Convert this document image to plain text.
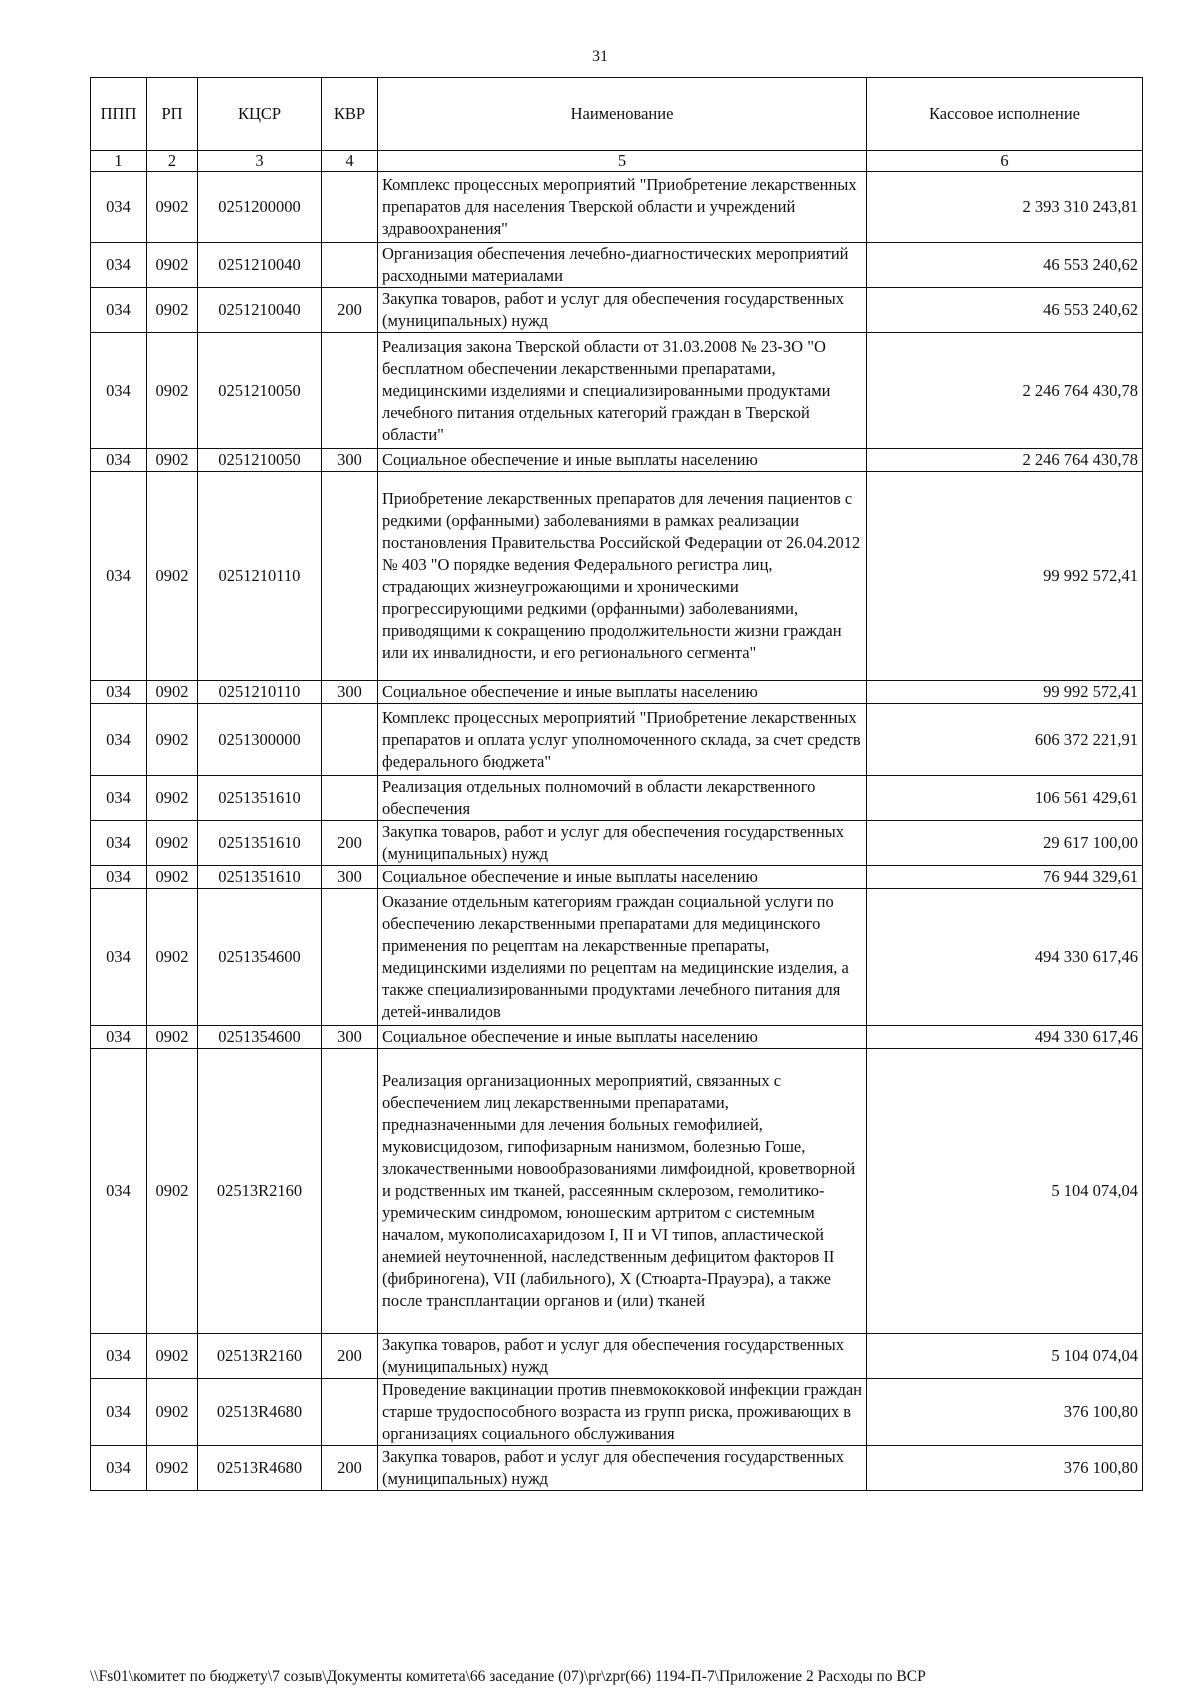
31
ППП	РП	КЦСР	КВР	Наименование	Кассовое исполнение
1	2	3	4	5	6
034	0902	0251200000		Комплекс процессных мероприятий "Приобретение лекарственных препаратов для населения Тверской области и учреждений здравоохранения"	2 393 310 243,81
034	0902	0251210040		Организация обеспечения лечебно-диагностических мероприятий расходными материалами	46 553 240,62
034	0902	0251210040	200	Закупка товаров, работ и услуг для обеспечения государственных (муниципальных) нужд	46 553 240,62
034	0902	0251210050		Реализация закона Тверской области от 31.03.2008 № 23-ЗО "О бесплатном обеспечении лекарственными препаратами, медицинскими изделиями и специализированными продуктами лечебного питания отдельных категорий граждан в Тверской области"	2 246 764 430,78
034	0902	0251210050	300	Социальное обеспечение и иные выплаты населению	2 246 764 430,78
034	0902	0251210110		Приобретение лекарственных препаратов для лечения пациентов с редкими (орфанными) заболеваниями в рамках реализации постановления Правительства Российской Федерации от 26.04.2012 № 403 "О порядке ведения Федерального регистра лиц, страдающих жизнеугрожающими и хроническими прогрессирующими редкими (орфанными) заболеваниями, приводящими к сокращению продолжительности жизни граждан или их инвалидности, и его регионального сегмента"	99 992 572,41
034	0902	0251210110	300	Социальное обеспечение и иные выплаты населению	99 992 572,41
034	0902	0251300000		Комплекс процессных мероприятий "Приобретение лекарственных препаратов и оплата услуг уполномоченного склада, за счет средств федерального бюджета"	606 372 221,91
034	0902	0251351610		Реализация отдельных полномочий в области лекарственного обеспечения	106 561 429,61
034	0902	0251351610	200	Закупка товаров, работ и услуг для обеспечения государственных (муниципальных) нужд	29 617 100,00
034	0902	0251351610	300	Социальное обеспечение и иные выплаты населению	76 944 329,61
034	0902	0251354600		Оказание отдельным категориям граждан социальной услуги по обеспечению лекарственными препаратами для медицинского применения по рецептам на лекарственные препараты, медицинскими изделиями по рецептам на медицинские изделия, а также специализированными продуктами лечебного питания для детей-инвалидов	494 330 617,46
034	0902	0251354600	300	Социальное обеспечение и иные выплаты населению	494 330 617,46
034	0902	02513R2160		Реализация организационных мероприятий, связанных с обеспечением лиц лекарственными препаратами, предназначенными для лечения больных гемофилией, муковисцидозом, гипофизарным нанизмом, болезнью Гоше, злокачественными новообразованиями лимфоидной, кроветворной и родственных им тканей, рассеянным склерозом, гемолитико-уремическим синдромом, юношеским артритом с системным началом, мукополисахаридозом I, II и VI типов, апластической анемией неуточненной, наследственным дефицитом факторов II (фибриногена), VII (лабильного), X (Стюарта-Прауэра), а также после трансплантации органов и (или) тканей	5 104 074,04
034	0902	02513R2160	200	Закупка товаров, работ и услуг для обеспечения государственных (муниципальных) нужд	5 104 074,04
034	0902	02513R4680		Проведение вакцинации против пневмококковой инфекции граждан старше трудоспособного возраста из групп риска, проживающих в организациях социального обслуживания	376 100,80
034	0902	02513R4680	200	Закупка товаров, работ и услуг для обеспечения государственных (муниципальных) нужд	376 100,80
\\Fs01\комитет по бюджету\7 созыв\Документы комитета\66 заседание (07)\pr\zpr(66) 1194-П-7\Приложение 2 Расходы по ВСР
